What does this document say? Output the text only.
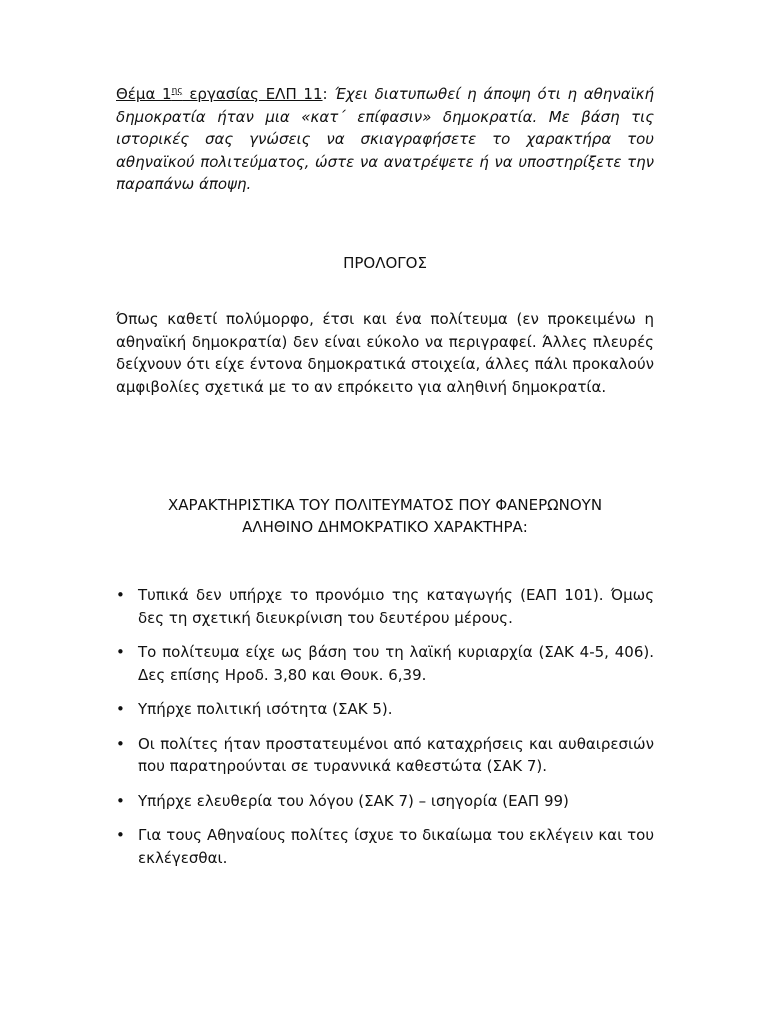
Θέμα $1^{\eta\varsigma}$ εργασίας ΕΛΠ 11: Έχει διατυπωθεί η άποψη ότι η αθηναϊκή δημοκρατία ήταν μια «κατ΄ επίφασιν» δημοκρατία. Με βάση τις ιστορικές σας γνώσεις να σκιαγραφήσετε το χαρακτήρα του αθηναϊκού πολιτεύματος, ώστε να ανατρέψετε ή να υποστηρίξετε την παραπάνω άποψη.

ΠΡΟΛΟΓΟΣ

Όπως καθετί πολύμορφο, έτσι και ένα πολίτευμα (εν προκειμένω η αθηναϊκή δημοκρατία) δεν είναι εύκολο να περιγραφεί. Άλλες πλευρές δείχνουν ότι είχε έντονα δημοκρατικά στοιχεία, άλλες πάλι προκαλούν αμφιβολίες σχετικά με το αν επρόκειτο για αληθινή δημοκρατία.

ΧΑΡΑΚΤΗΡΙΣΤΙΚΑ ΤΟΥ ΠΟΛΙΤΕΥΜΑΤΟΣ ΠΟΥ ΦΑΝΕΡΩΝΟΥΝ
ΑΛΗΘΙΝΟ ΔΗΜΟΚΡΑΤΙΚΟ ΧΑΡΑΚΤΗΡΑ:
• Τυπικά δεν υπήρχε το προνόμιο της καταγωγής (ΕΑΠ 101). Όμως δες τη σχετική διευκρίνιση του δευτέρου μέρους.
• Το πολίτευμα είχε ως βάση του τη λαϊκή κυριαρχία (ΣΑΚ 4-5, 406). Δες επίσης Ηροδ. 3,80 και Θουκ. 6,39.
• Υπήρχε πολιτική ισότητα (ΣΑΚ 5).
• Οι πολίτες ήταν προστατευμένοι από καταχρήσεις και αυθαιρεσιών που παρατηρούνται σε τυραννικά καθεστώτα (ΣΑΚ 7).
• Υπήρχε ελευθερία του λόγου (ΣΑΚ 7) – ισηγορία (ΕΑΠ 99)
• Για τους Αθηναίους πολίτες ίσχυε το δικαίωμα του εκλέγειν και του εκλέγεσθαι.
